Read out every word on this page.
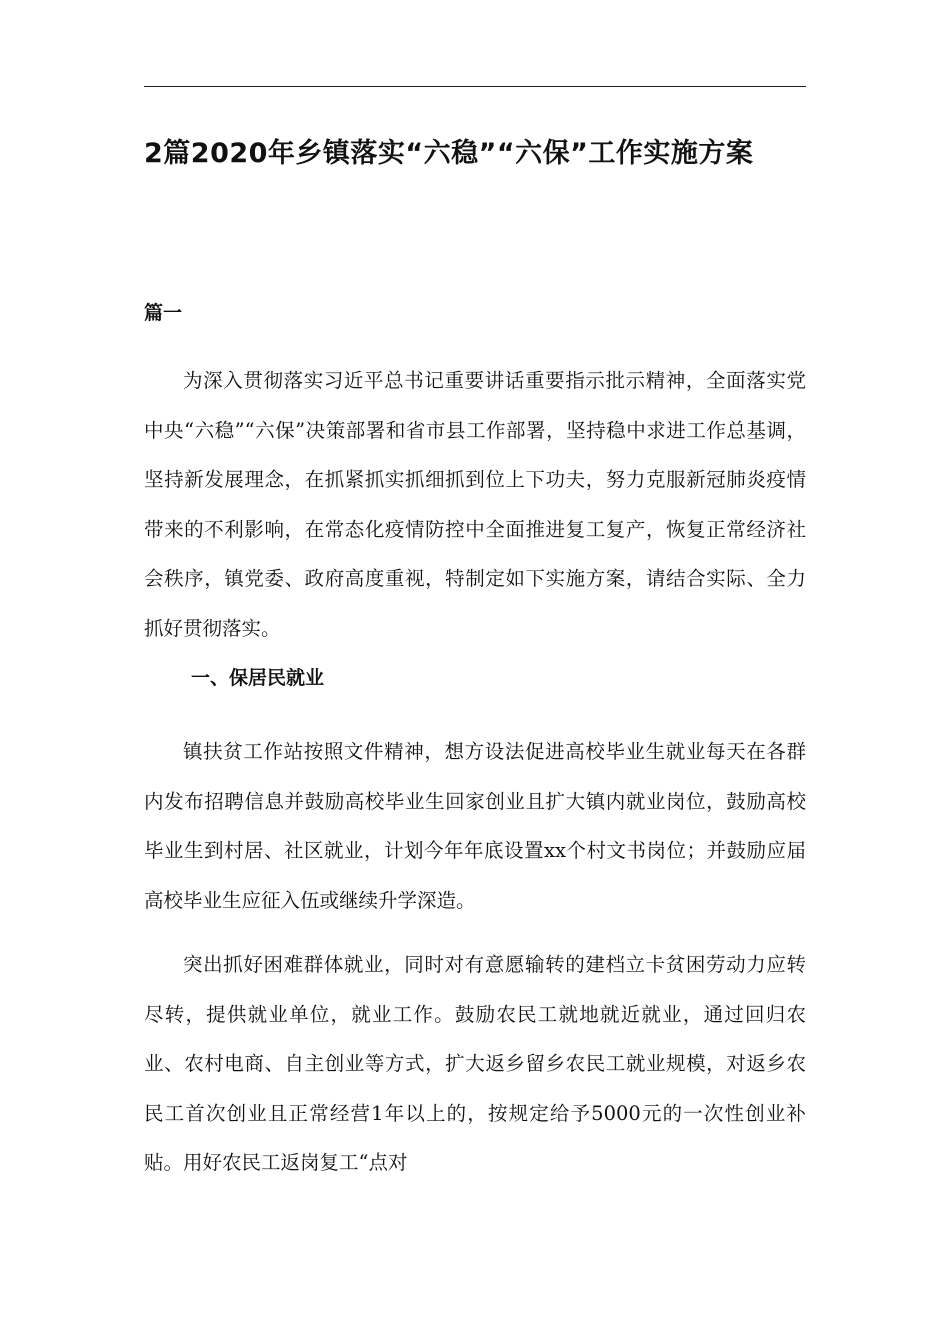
2篇2020年乡镇落实“六稳”“六保”工作实施方案
篇一

为深入贯彻落实习近平总书记重要讲话重要指示批示精神，全面落实党中央“六稳”“六保”决策部署和省市县工作部署，坚持稳中求进工作总基调，坚持新发展理念，在抓紧抓实抓细抓到位上下功夫，努力克服新冠肺炎疫情带来的不利影响，在常态化疫情防控中全面推进复工复产，恢复正常经济社会秩序，镇党委、政府高度重视，特制定如下实施方案，请结合实际、全力抓好贯彻落实。

一、保居民就业

镇扶贫工作站按照文件精神，想方设法促进高校毕业生就业每天在各群内发布招聘信息并鼓励高校毕业生回家创业且扩大镇内就业岗位，鼓励高校毕业生到村居、社区就业，计划今年年底设置xx个村文书岗位；并鼓励应届高校毕业生应征入伍或继续升学深造。

突出抓好困难群体就业，同时对有意愿输转的建档立卡贫困劳动力应转尽转，提供就业单位，就业工作。鼓励农民工就地就近就业，通过回归农业、农村电商、自主创业等方式，扩大返乡留乡农民工就业规模，对返乡农民工首次创业且正常经营1年以上的，按规定给予5000元的一次性创业补贴。用好农民工返岗复工“点对
